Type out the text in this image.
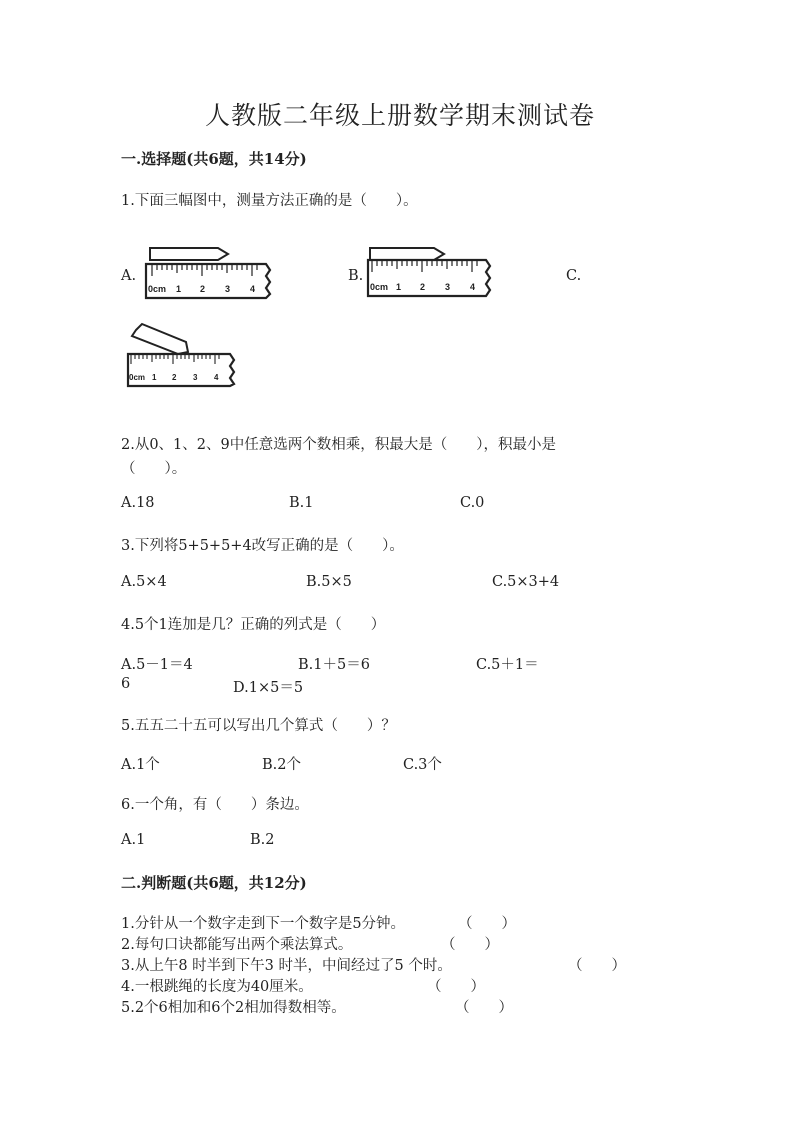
人教版二年级上册数学期末测试卷
一.选择题(共6题，共14分)
1.下面三幅图中，测量方法正确的是（　　）。
A.	B.	C.
0cm 1 2 3 4	0cm 1 2 3 4
0cm 1 2 3 4
2.从0、1、2、9中任意选两个数相乘，积最大是（　　），积最小是
（　　）。
A.18	B.1	C.0
3.下列将5+5+5+4改写正确的是（　　）。
A.5×4	B.5×5	C.5×3+4
4.5个1连加是几？正确的列式是（　　）
A.5－1＝4	B.1＋5＝6	C.5＋1＝
6	D.1×5＝5
5.五五二十五可以写出几个算式（　　）？
A.1个	B.2个	C.3个
6.一个角，有（　　）条边。
A.1	B.2
二.判断题(共6题，共12分)
1.分针从一个数字走到下一个数字是5分钟。	（　　）
2.每句口诀都能写出两个乘法算式。	（　　）
3.从上午8 时半到下午3 时半，中间经过了5 个时。	（　　）
4.一根跳绳的长度为40厘米。	（　　）
5.2个6相加和6个2相加得数相等。	（　　）
